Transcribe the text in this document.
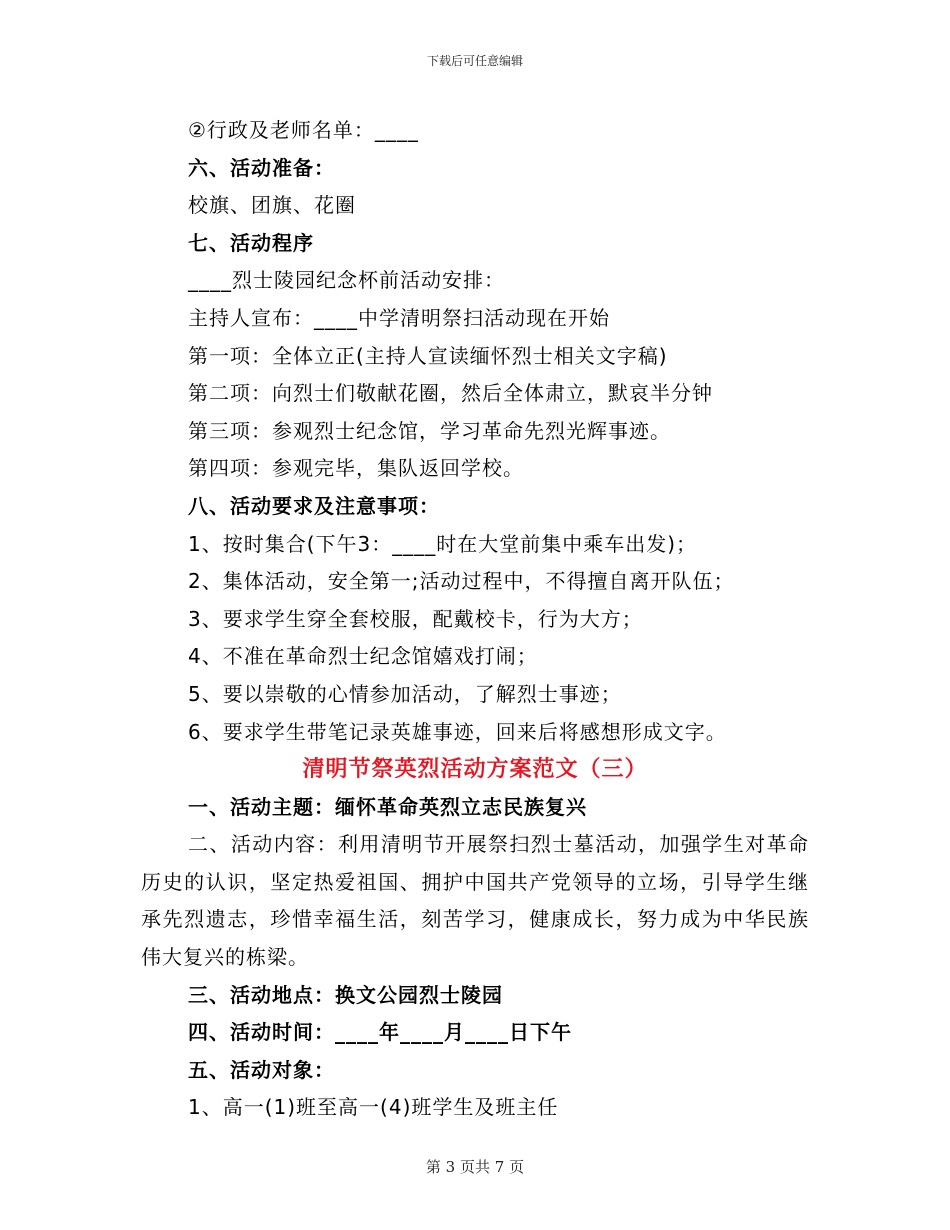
下载后可任意编辑
②行政及老师名单：____
六、活动准备：
校旗、团旗、花圈
七、活动程序
____烈士陵园纪念杯前活动安排：
主持人宣布：____中学清明祭扫活动现在开始
第一项：全体立正(主持人宣读缅怀烈士相关文字稿)
第二项：向烈士们敬献花圈，然后全体肃立，默哀半分钟
第三项：参观烈士纪念馆，学习革命先烈光辉事迹。
第四项：参观完毕，集队返回学校。
八、活动要求及注意事项：
1、按时集合(下午3：____时在大堂前集中乘车出发)；
2、集体活动，安全第一;活动过程中，不得擅自离开队伍；
3、要求学生穿全套校服，配戴校卡，行为大方；
4、不准在革命烈士纪念馆嬉戏打闹；
5、要以崇敬的心情参加活动，了解烈士事迹；
6、要求学生带笔记录英雄事迹，回来后将感想形成文字。
清明节祭英烈活动方案范文（三）
一、活动主题：缅怀革命英烈立志民族复兴
二、活动内容：利用清明节开展祭扫烈士墓活动，加强学生对革命历史的认识，坚定热爱祖国、拥护中国共产党领导的立场，引导学生继承先烈遗志，珍惜幸福生活，刻苦学习，健康成长，努力成为中华民族伟大复兴的栋梁。
三、活动地点：换文公园烈士陵园
四、活动时间：____年____月____日下午
五、活动对象：
1、高一(1)班至高一(4)班学生及班主任
第 3 页共 7 页
